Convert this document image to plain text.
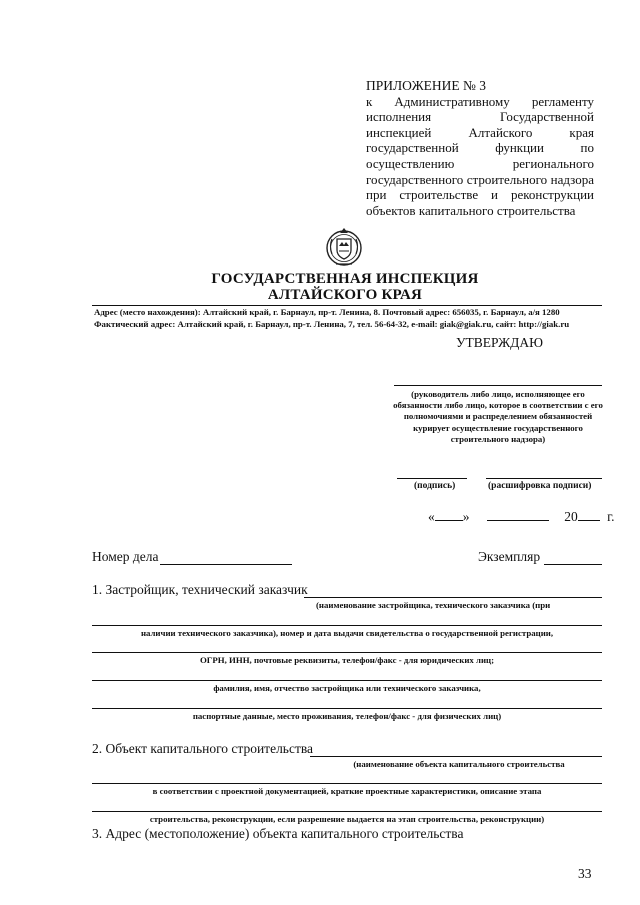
ПРИЛОЖЕНИЕ № 3
к Административному регламенту исполнения Государственной инспекцией Алтайского края государственной функции по осуществлению регионального государственного строительного надзора при строительстве и реконструкции объектов капитального строительства
ГОСУДАРСТВЕННАЯ ИНСПЕКЦИЯ
АЛТАЙСКОГО КРАЯ
Адрес (место нахождения): Алтайский край, г. Барнаул, пр-т. Ленина, 8. Почтовый адрес: 656035, г. Барнаул, а/я 1280
Фактический адрес: Алтайский край, г. Барнаул, пр-т. Ленина, 7, тел. 56-64-32, e-mail: giak@giak.ru, сайт: http://giak.ru
УТВЕРЖДАЮ
(руководитель либо лицо, исполняющее его обязанности либо лицо, которое в соответствии с его полномочиями и распределением обязанностей курирует осуществление государственного строительного надзора)
(подпись)	(расшифровка подписи)
« »	20 г.
Номер дела	Экземпляр
1. Застройщик, технический заказчик
(наименование застройщика, технического заказчика (при
наличии технического заказчика), номер и дата выдачи свидетельства о государственной регистрации,
ОГРН, ИНН, почтовые реквизиты, телефон/факс - для юридических лиц;
фамилия, имя, отчество застройщика или технического заказчика,
паспортные данные, место проживания, телефон/факс - для физических лиц)
2. Объект капитального строительства
(наименование объекта капитального строительства
в соответствии с проектной документацией, краткие проектные характеристики, описание этапа
строительства, реконструкции, если разрешение выдается на этап строительства, реконструкции)
3. Адрес (местоположение) объекта капитального строительства
33
